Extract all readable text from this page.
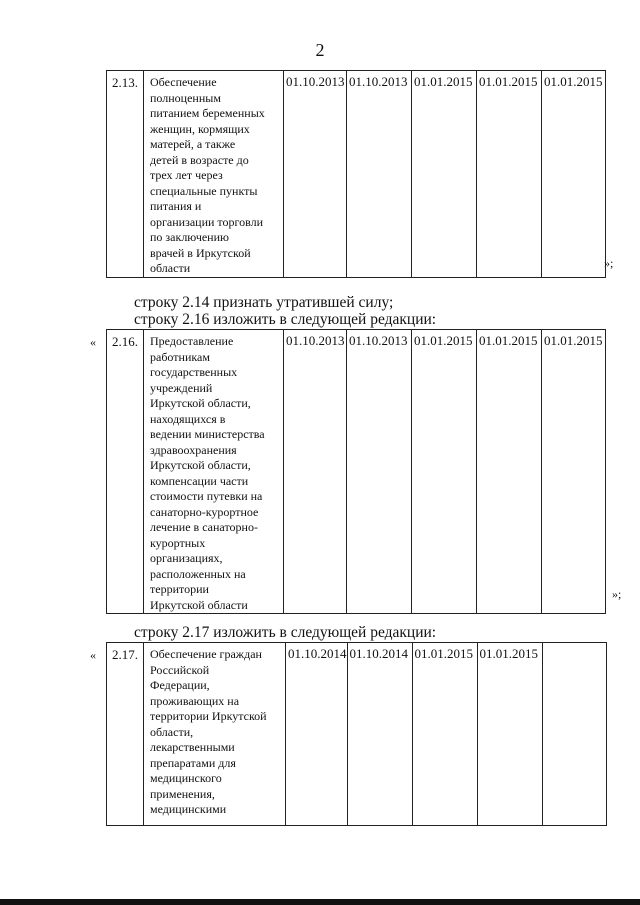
2
2.13.	Обеспечение
полноценным
питанием беременных
женщин, кормящих
матерей, а также
детей в возрасте до
трех лет через
специальные пункты
питания и
организации торговли
по заключению
врачей в Иркутской
области
	01.10.2013	01.10.2013	01.01.2015	01.01.2015	01.01.2015
»;
строку 2.14 признать утратившей силу;
строку 2.16 изложить в следующей редакции:
« 2.16.	Предоставление
работникам
государственных
учреждений
Иркутской области,
находящихся в
ведении министерства
здравоохранения
Иркутской области,
компенсации части
стоимости путевки на
санаторно-курортное
лечение в санаторно-
курортных
организациях,
расположенных на
территории
Иркутской области
	01.10.2013	01.10.2013	01.01.2015	01.01.2015	01.01.2015
»;
строку 2.17 изложить в следующей редакции:
« 2.17.	Обеспечение граждан
Российской
Федерации,
проживающих на
территории Иркутской
области,
лекарственными
препаратами для
медицинского
применения,
медицинскими
	01.10.2014	01.10.2014	01.01.2015	01.01.2015	
